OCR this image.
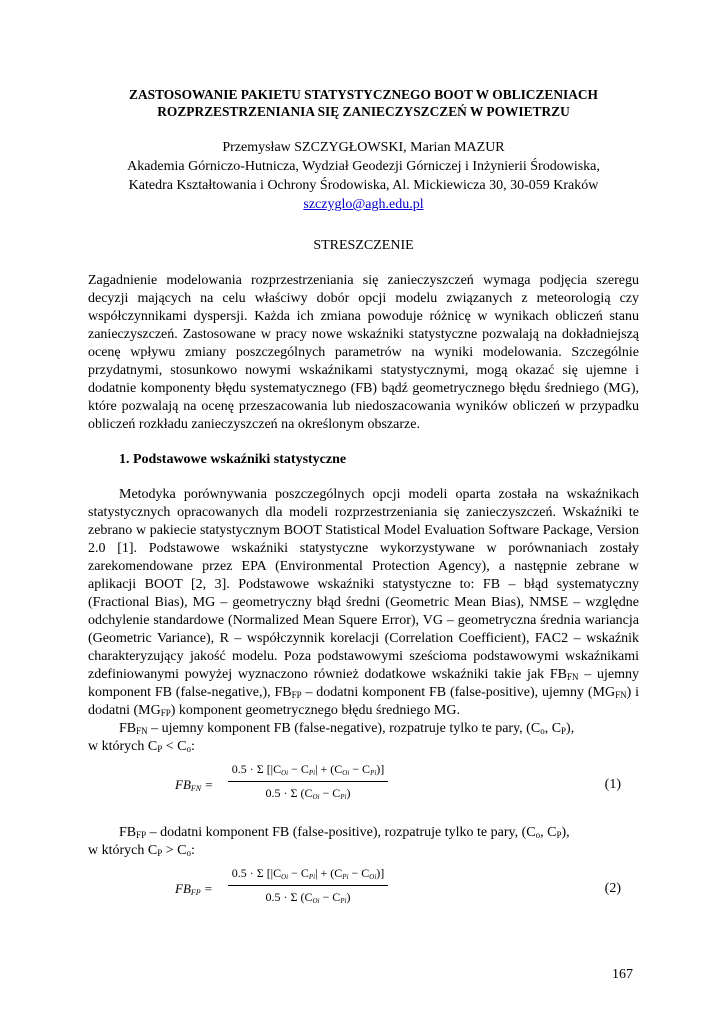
ZASTOSOWANIE PAKIETU STATYSTYCZNEGO BOOT W OBLICZENIACH
ROZPRZESTRZENIANIA SIĘ ZANIECZYSZCZEŃ W POWIETRZU

Przemysław SZCZYGŁOWSKI, Marian MAZUR

Akademia Górniczo-Hutnicza, Wydział Geodezji Górniczej i Inżynierii Środowiska,

Katedra Kształtowania i Ochrony Środowiska, Al. Mickiewicza 30, 30-059 Kraków

szczyglo@agh.edu.pl

STRESZCZENIE

Zagadnienie modelowania rozprzestrzeniania się zanieczyszczeń wymaga podjęcia szeregu decyzji mających na celu właściwy dobór opcji modelu związanych z meteorologią czy współczynnikami dyspersji. Każda ich zmiana powoduje różnicę w wynikach obliczeń stanu zanieczyszczeń. Zastosowane w pracy nowe wskaźniki statystyczne pozwalają na dokładniejszą ocenę wpływu zmiany poszczególnych parametrów na wyniki modelowania. Szczególnie przydatnymi, stosunkowo nowymi wskaźnikami statystycznymi, mogą okazać się ujemne i dodatnie komponenty błędu systematycznego (FB) bądź geometrycznego błędu średniego (MG), które pozwalają na ocenę przeszacowania lub niedoszacowania wyników obliczeń w przypadku obliczeń rozkładu zanieczyszczeń na określonym obszarze.

1. Podstawowe wskaźniki statystyczne

Metodyka porównywania poszczególnych opcji modeli oparta została na wskaźnikach statystycznych opracowanych dla modeli rozprzestrzeniania się zanieczyszczeń. Wskaźniki te zebrano w pakiecie statystycznym BOOT Statistical Model Evaluation Software Package, Version 2.0 [1]. Podstawowe wskaźniki statystyczne wykorzystywane w porównaniach zostały zarekomendowane przez EPA (Environmental Protection Agency), a następnie zebrane w aplikacji BOOT [2, 3]. Podstawowe wskaźniki statystyczne to: FB – błąd systematyczny (Fractional Bias), MG – geometryczny błąd średni (Geometric Mean Bias), NMSE – względne odchylenie standardowe (Normalized Mean Squere Error), VG – geometryczna średnia wariancja (Geometric Variance), R – współczynnik korelacji (Correlation Coefficient), FAC2 – wskaźnik charakteryzujący jakość modelu. Poza podstawowymi sześcioma podstawowymi wskaźnikami zdefiniowanymi powyżej wyznaczono również dodatkowe wskaźniki takie jak $FB_{FN}$ – ujemny komponent FB (false-negative,), $FB_{FP}$ – dodatni komponent FB (false-positive), ujemny $(MG_{FN})$ i dodatni $(MG_{FP})$ komponent geometrycznego błędu średniego MG.

$FB_{FN}$ – ujemny komponent FB (false-negative), rozpatruje tylko te pary, ($C_o$, $C_P$),
w których $C_P < C_o$:

$FB_{FN}$ =
0.5 · Σ $[|C_{Oi} - C_{Pi}| + (C_{Oi} - C_{Pi})]$
0.5 · Σ $(C_{Oi} - C_{Pi})$
(1)

$FB_{FP}$ – dodatni komponent FB (false-positive), rozpatruje tylko te pary, ($C_o$, $C_P$),
w których $C_P > C_o$:

$FB_{FP}$ =
0.5 · Σ $[|C_{Oi} - C_{Pi}| + (C_{Pi} - C_{Oi})]$
0.5 · Σ $(C_{Oi} - C_{Pi})$
(2)
167
